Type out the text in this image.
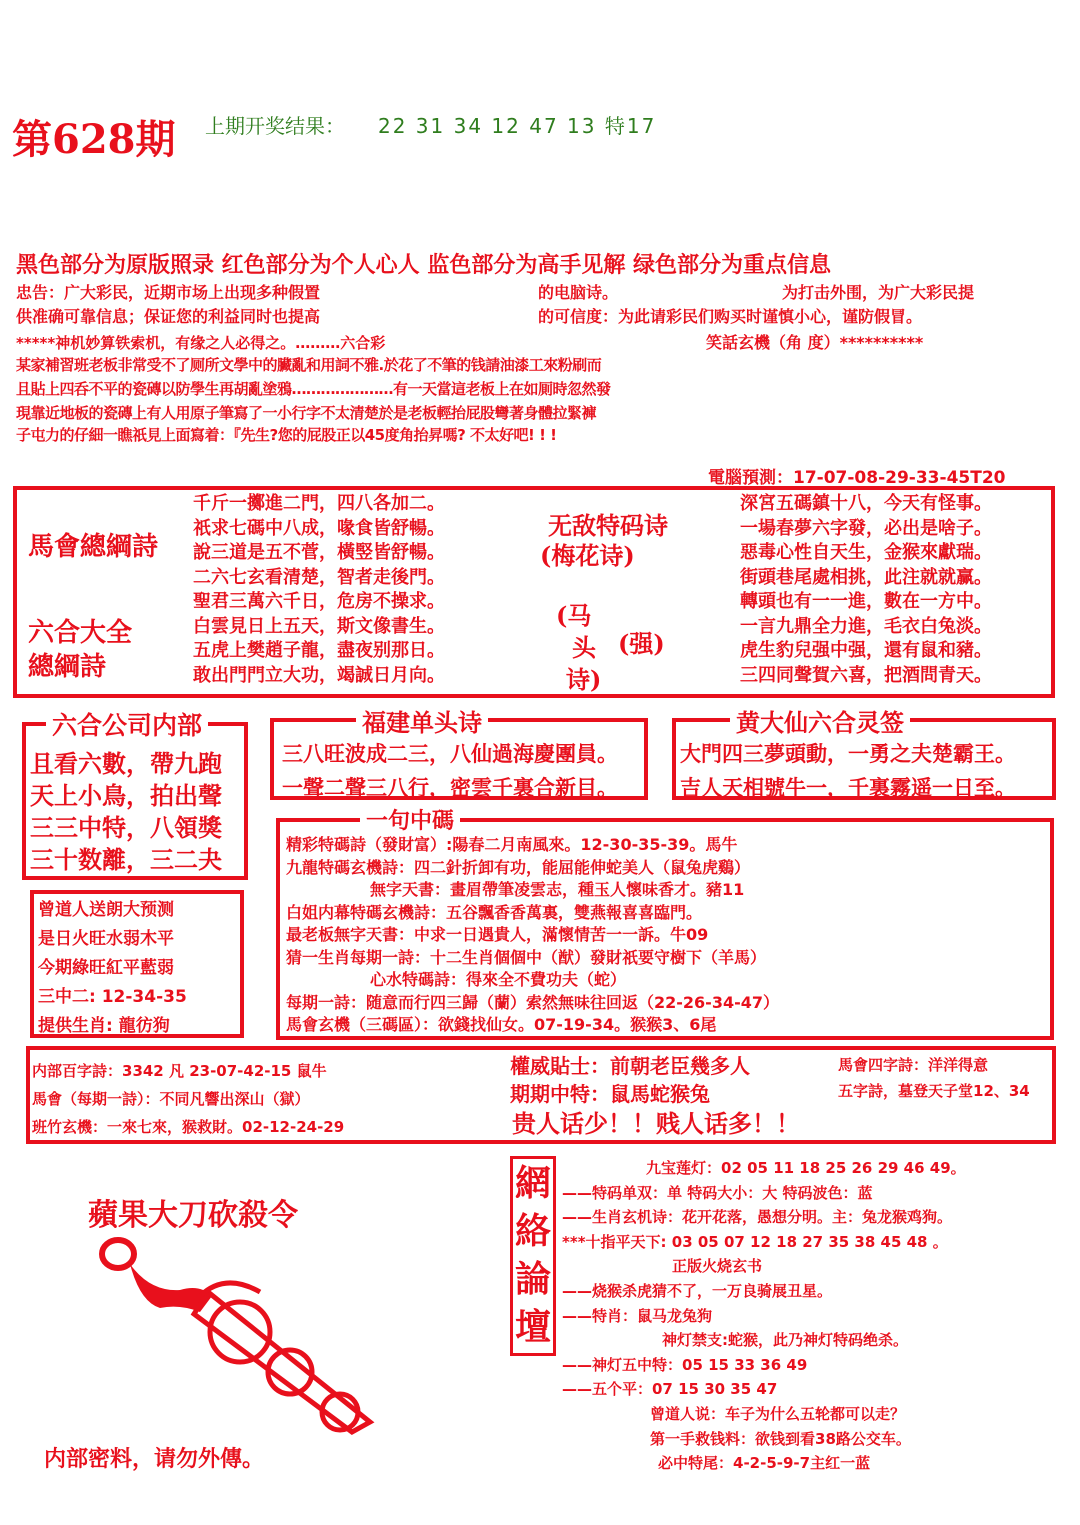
第628期 上期开奖结果： 22 31 34 12 47 13 特17
黑色部分为原版照录 红色部分为个人心人 监色部分为高手见解 绿色部分为重点信息
忠告：广大彩民，近期市场上出现多种假置	的电脑诗。	为打击外围，为广大彩民提
供准确可靠信息；保证您的利益同时也提高	的可信度：为此请彩民们购买时谨慎小心，谨防假冒。
*****神机妙算铁索机，有缘之人必得之。………六合彩	笑話玄機（角 度）**********
某家補習班老板非常受不了厕所文學中的臟亂和用詞不雅.於花了不筆的钱請油漆工來粉刷而
且貼上四呑不平的瓷磚以防學生再胡亂塗鴉…………………有一天當這老板上在如厠時忽然發
現靠近地板的瓷磚上有人用原子筆寫了一小行字不太清楚於是老板輕抬屁股彎著身體拉緊褲
子屯力的仔細一瞧祇見上面寫着：『先生?您的屁股正以45度角抬昇嗎? 不太好吧! ! !
電腦預測：17-07-08-29-33-45T20
馬會總綱詩
六合大全
總綱詩
千斤一擲進二門，四八各加二。
祇求七碼中八成，喙食皆舒暢。
說三道是五不菅，橫竪皆舒暢。
二六七玄看清楚，智者走後門。
聖君三萬六千日，危房不操求。
白雲見日上五天，斯文像書生。
五虎上樊趙子龍，盡夜别那日。
敢出門門立大功，竭誠日月向。
无敌特码诗
(梅花诗)
(马
头 (强)
诗)
深宮五碼鎮十八，今天有怪事。
一場春夢六字發，必出是啥子。
惡毒心性自天生，金猴來獻瑞。
街頭巷尾處相挑，此注就就赢。
轉頭也有一一進，數在一方中。
一言九鼎全力進，毛衣白兔淡。
虎生豹兒强中强，還有鼠和豬。
三四同聲賀六喜，把酒問青天。
六合公司内部
且看六數，帶九跑
天上小鳥，拍出聲
三三中特，八領獎
三十数離，三二夬
福建单头诗
三八旺波成二三，八仙過海慶團員。
一聲二聲三八行，密雲千裏合新目。
黄大仙六合灵签
大門四三夢頭動，一勇之夫楚霸王。
吉人天相號牛一，千裏霧遥一日至。
曾道人送朗大预测
是日火旺水弱木平
今期綠旺紅平藍弱
三中二: 12-34-35
提供生肖: 龍彷狗
一句中碼
精彩特碼詩（發財富）:陽春二月南風來。12-30-35-39。馬牛
九龍特碼玄機詩：四二針折卸有功，能屈能伸蛇美人（鼠兔虎鷄）
無字天書：畫眉帶筆凌雲志，種玉人懷味香才。豬11
白姐内幕特碼玄機詩：五谷飄香香萬裏，雙燕報喜喜臨門。
最老板無字天書：中求一日遇貴人，滿懷情苦一一訴。牛09
猜一生肖每期一詩：十二生肖個個中（猷）發財祇要守樹下（羊馬）
心水特碼詩：得來全不費功夫（蛇）
每期一詩：随意而行四三歸（蘭）索然無味往回返（22-26-34-47）
馬會玄機（三碼區）：欲錢找仙女。07-19-34。猴猴3、6尾
内部百字詩：3342 凡 23-07-42-15 鼠牛
馬會（每期一詩）：不同凡響出深山（獄）
班竹玄機：一來七來，猴救財。02-12-24-29
權威貼士：前朝老臣幾多人	馬會四字詩：洋洋得意
期期中特：鼠馬蛇猴兔	五字詩，墓登天子堂12、34
贵人话少！！贱人话多！！
蘋果大刀砍殺令
内部密料，请勿外傳。
網絡論壇
九宝莲灯：02 05 11 18 25 26 29 46 49。
——特码单双：单 特码大小：大 特码波色：蓝
——生肖玄机诗：花开花落，愚想分明。主：兔龙猴鸡狗。
***十指平天下: 03 05 07 12 18 27 35 38 45 48 。
正版火烧玄书
——烧猴杀虎猜不了，一万良骑展丑星。
——特肖：鼠马龙兔狗
神灯禁支:蛇猴，此乃神灯特码绝杀。
——神灯五中特：05 15 33 36 49
——五个平：07 15 30 35 47
曾道人说：车子为什么五轮都可以走？
第一手救钱料：欲钱到看38路公交车。
必中特尾：4-2-5-9-7主红一蓝
